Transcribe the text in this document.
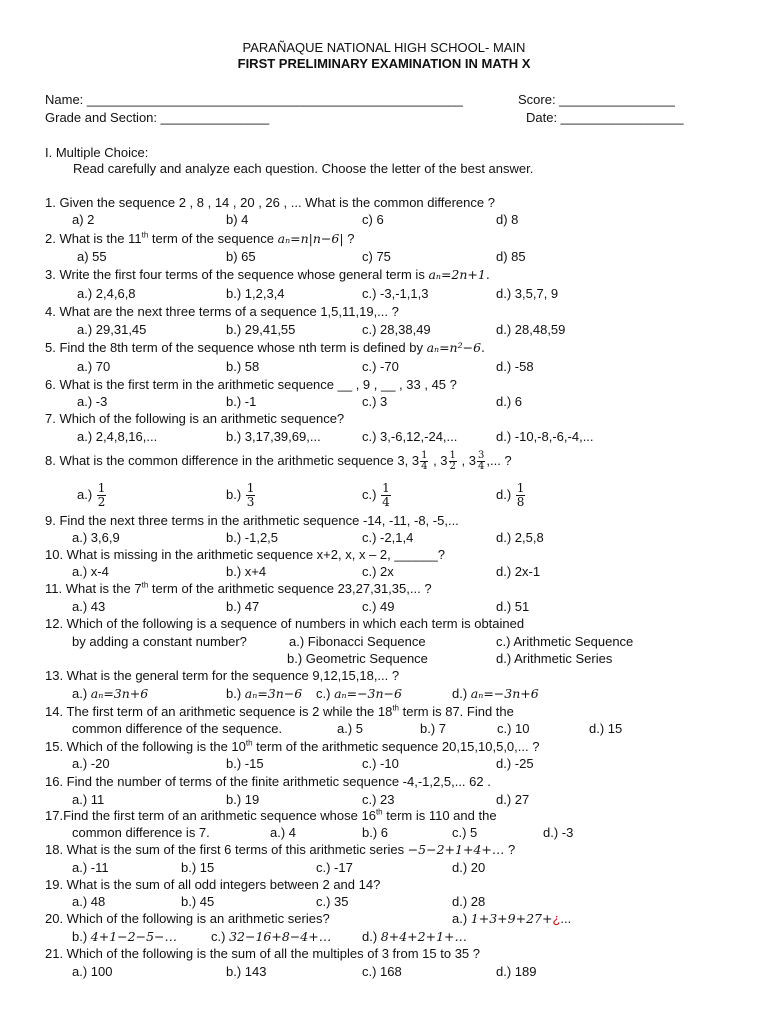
PARAÑAQUE NATIONAL HIGH SCHOOL- MAIN
FIRST PRELIMINARY EXAMINATION IN MATH X
Name: ____________________________________________________	Score: ________________
Grade and Section: _______________	Date: _________________
I. Multiple Choice:
Read carefully and analyze each question. Choose the letter of the best answer.
1. Given the sequence 2 , 8 , 14 , 20 , 26 , ... What is the common difference ?
a) 2	b) 4	c) 6	d) 8
2. What is the 11th term of the sequence aₙ=n|n−6| ?
a) 55	b) 65	c) 75	d) 85
3. Write the first four terms of the sequence whose general term is aₙ=2n+1.
a.) 2,4,6,8	b.) 1,2,3,4	c.) -3,-1,1,3	d.) 3,5,7, 9
4. What are the next three terms of a sequence 1,5,11,19,... ?
a.) 29,31,45	b.) 29,41,55	c.) 28,38,49	d.) 28,48,59
5. Find the 8th term of the sequence whose nth term is defined by aₙ=n²−6.
a.) 70	b.) 58	c.) -70	d.) -58
6. What is the first term in the arithmetic sequence __ , 9 , __ , 33 , 45 ?
a.) -3	b.) -1	c.) 3	d.) 6
7. Which of the following is an arithmetic sequence?
a.) 2,4,8,16,...	b.) 3,17,39,69,...	c.) 3,-6,12,-24,...	d.) -10,-8,-6,-4,...
8. What is the common difference in the arithmetic sequence 3, $3 \frac{1}{4}$ , $3 \frac{1}{2}$ , $3 \frac{3}{4}$ ,... ?
$a.) \frac{1}{2}$	$b.) \frac{1}{3}$	$c.) \frac{1}{4}$	$d.) \frac{1}{8}$
9. Find the next three terms in the arithmetic sequence -14, -11, -8, -5,...
a.) 3,6,9	b.) -1,2,5	c.) -2,1,4	d.) 2,5,8
10. What is missing in the arithmetic sequence x+2, x, x – 2, ______?
a.) x-4	b.) x+4	c.) 2x	d.) 2x-1
11. What is the 7th term of the arithmetic sequence 23,27,31,35,... ?
a.) 43	b.) 47	c.) 49	d.) 51
12. Which of the following is a sequence of numbers in which each term is obtained
by adding a constant number?	a.) Fibonacci Sequence	c.) Arithmetic Sequence
b.) Geometric Sequence	d.) Arithmetic Series
13. What is the general term for the sequence 9,12,15,18,... ?
a.) aₙ=3n+6	b.) aₙ=3n−6 c.) aₙ=−3n−6	d.) aₙ=−3n+6
14. The first term of an arithmetic sequence is 2 while the 18th term is 87. Find the
common difference of the sequence.	a.) 5	b.) 7	c.) 10	d.) 15
15. Which of the following is the 10th term of the arithmetic sequence 20,15,10,5,0,... ?
a.) -20	b.) -15	c.) -10	d.) -25
16. Find the number of terms of the finite arithmetic sequence -4,-1,2,5,... 62 .
a.) 11	b.) 19	c.) 23	d.) 27
17.Find the first term of an arithmetic sequence whose 16th term is 110 and the
common difference is 7.	a.) 4	b.) 6	c.) 5	d.) -3
18. What is the sum of the first 6 terms of this arithmetic series −5−2+1+4+… ?
a.) -11	b.) 15	c.) -17	d.) 20
19. What is the sum of all odd integers between 2 and 14?
a.) 48	b.) 45	c.) 35	d.) 28
20. Which of the following is an arithmetic series?	a.) 1+3+9+27+¿...
b.) 4+1−2−5−…	c.) 32−16+8−4+… d.) 8+4+2+1+…
21. Which of the following is the sum of all the multiples of 3 from 15 to 35 ?
a.) 100	b.) 143	c.) 168	d.) 189
